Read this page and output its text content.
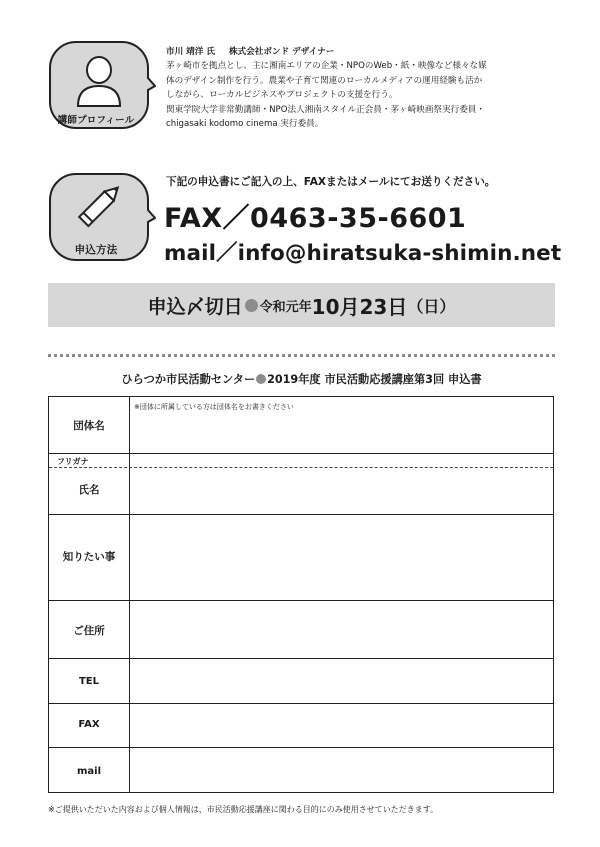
講師プロフィール

市川 靖洋 氏 株式会社ボンド デザイナー

茅ヶ崎市を拠点とし、主に湘南エリアの企業・NPOのWeb・紙・映像など様々な媒

体のデザイン制作を行う。農業や子育て関連のローカルメディアの運用経験も活か

しながら、ローカルビジネスやプロジェクトの支援を行う。

関東学院大学非常勤講師・NPO法人湘南スタイル正会員・茅ヶ崎映画祭実行委員・

chigasaki kodomo cinema 実行委員。

申込方法
下記の申込書にご記入の上、FAXまたはメールにてお送りください。
FAX／0463-35-6601
mail／info@hiratsuka-shimin.net
申込〆切日 令和元年 10月23日 （日）
ひらつか市民活動センター 2019年度 市民活動応援講座第3回 申込書
団体名
※団体に所属している方は団体名をお書きください
フリガナ
氏名
知りたい事
ご住所
TEL
FAX
mail
※ご提供いただいた内容および個人情報は、市民活動応援講座に関わる目的にのみ使用させていただきます。
